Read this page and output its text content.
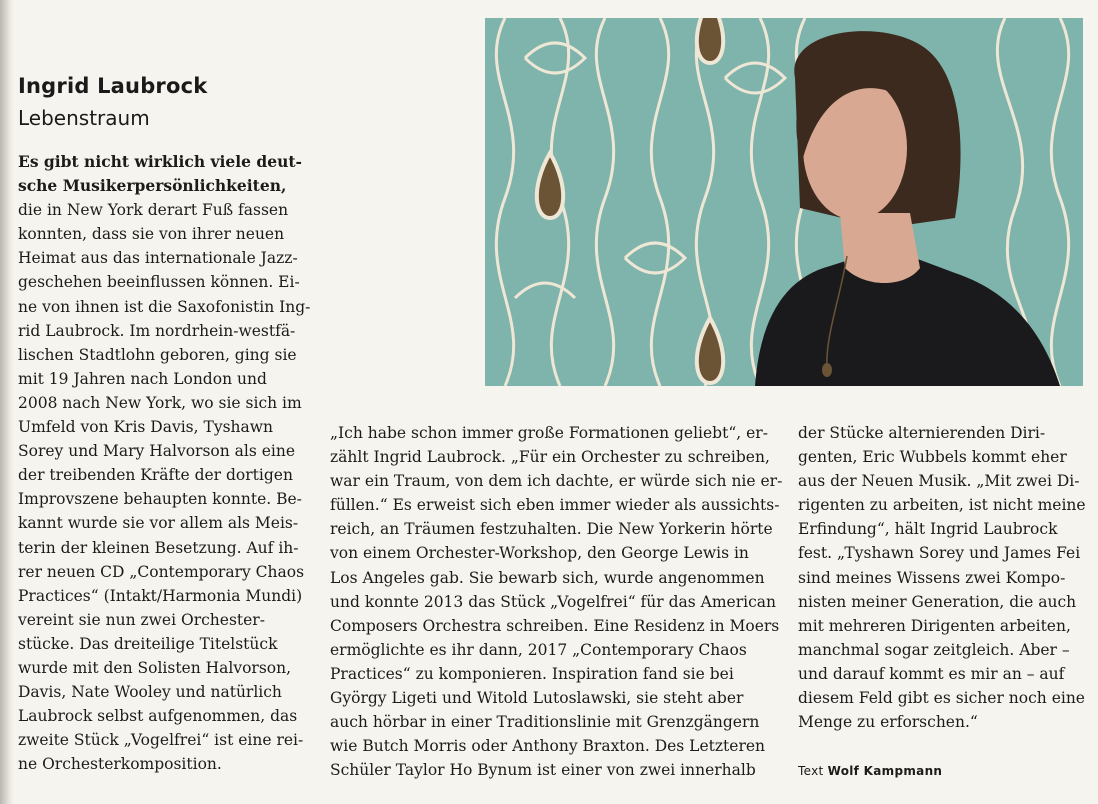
Ingrid Laubrock
Lebenstraum

Es gibt nicht wirklich viele deut-
sche Musikerpersönlichkeiten,
die in New York derart Fuß fassen
konnten, dass sie von ihrer neuen
Heimat aus das internationale Jazz-
geschehen beeinflussen können. Ei-
ne von ihnen ist die Saxofonistin Ing-
rid Laubrock. Im nordrhein-westfä-
lischen Stadtlohn geboren, ging sie
mit 19 Jahren nach London und
2008 nach New York, wo sie sich im
Umfeld von Kris Davis, Tyshawn
Sorey und Mary Halvorson als eine
der treibenden Kräfte der dortigen
Improvszene behaupten konnte. Be-
kannt wurde sie vor allem als Meis-
terin der kleinen Besetzung. Auf ih-
rer neuen CD „Contemporary Chaos
Practices“ (Intakt/Harmonia Mundi)
vereint sie nun zwei Orchester-
stücke. Das dreiteilige Titelstück
wurde mit den Solisten Halvorson,
Davis, Nate Wooley und natürlich
Laubrock selbst aufgenommen, das
zweite Stück „Vogelfrei“ ist eine rei-
ne Orchesterkomposition.

„Ich habe schon immer große Formationen geliebt“, er-
zählt Ingrid Laubrock. „Für ein Orchester zu schreiben,
war ein Traum, von dem ich dachte, er würde sich nie er-
füllen.“ Es erweist sich eben immer wieder als aussichts-
reich, an Träumen festzuhalten. Die New Yorkerin hörte
von einem Orchester-Workshop, den George Lewis in
Los Angeles gab. Sie bewarb sich, wurde angenommen
und konnte 2013 das Stück „Vogelfrei“ für das American
Composers Orchestra schreiben. Eine Residenz in Moers
ermöglichte es ihr dann, 2017 „Contemporary Chaos
Practices“ zu komponieren. Inspiration fand sie bei
György Ligeti und Witold Lutoslawski, sie steht aber
auch hörbar in einer Traditionslinie mit Grenzgängern
wie Butch Morris oder Anthony Braxton. Des Letzteren
Schüler Taylor Ho Bynum ist einer von zwei innerhalb

der Stücke alternierenden Diri-
genten, Eric Wubbels kommt eher
aus der Neuen Musik. „Mit zwei Di-
rigenten zu arbeiten, ist nicht meine
Erfindung“, hält Ingrid Laubrock
fest. „Tyshawn Sorey und James Fei
sind meines Wissens zwei Kompo-
nisten meiner Generation, die auch
mit mehreren Dirigenten arbeiten,
manchmal sogar zeitgleich. Aber –
und darauf kommt es mir an – auf
diesem Feld gibt es sicher noch eine
Menge zu erforschen.“

Text Wolf Kampmann
